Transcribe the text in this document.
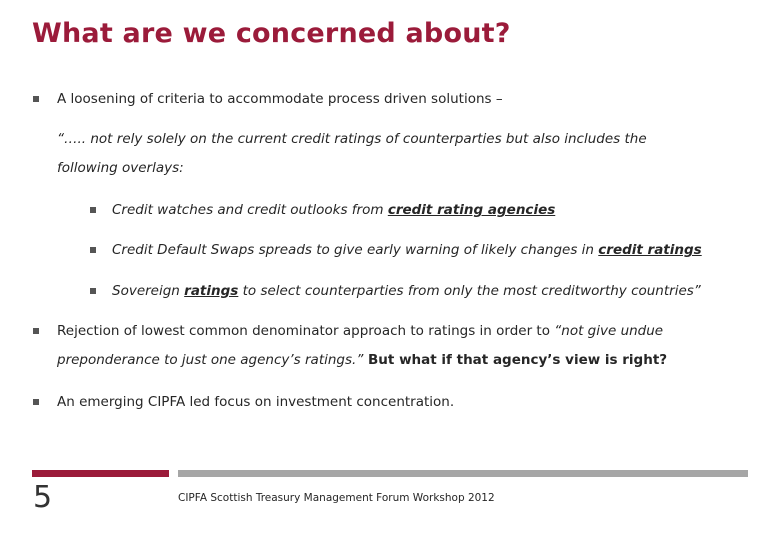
What are we concerned about?
A loosening of criteria to accommodate process driven solutions –
“….. not rely solely on the current credit ratings of counterparties but also includes the
following overlays:
Credit watches and credit outlooks from credit rating agencies
Credit Default Swaps spreads to give early warning of likely changes in credit ratings
Sovereign ratings to select counterparties from only the most creditworthy countries”
Rejection of lowest common denominator approach to ratings in order to “not give undue
preponderance to just one agency’s ratings.” But what if that agency’s view is right?
An emerging CIPFA led focus on investment concentration.
5	CIPFA Scottish Treasury Management Forum Workshop 2012
